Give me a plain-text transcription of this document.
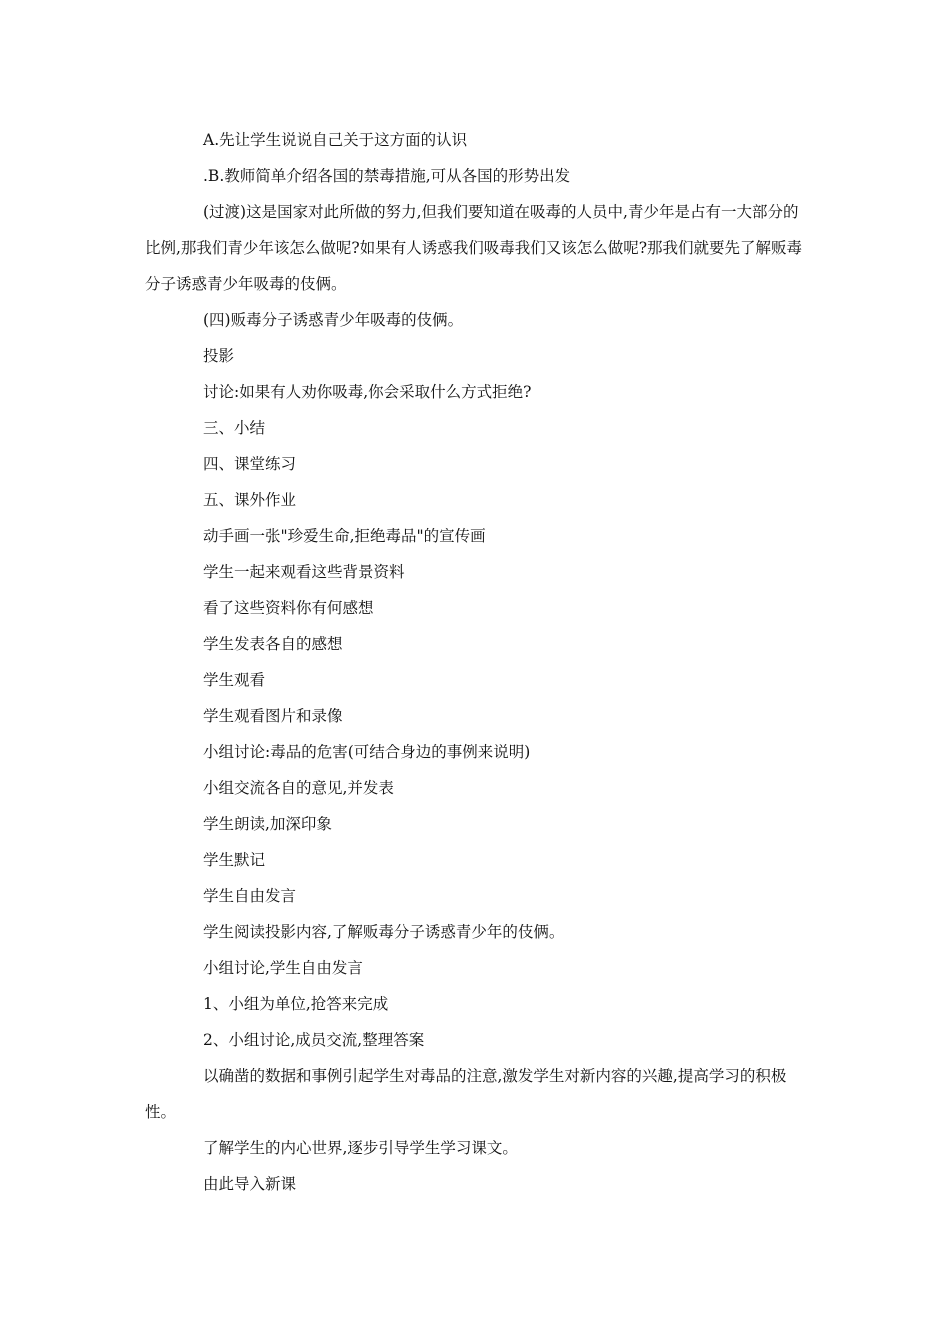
A.先让学生说说自己关于这方面的认识

.B.教师简单介绍各国的禁毒措施,可从各国的形势出发

(过渡)这是国家对此所做的努力,但我们要知道在吸毒的人员中,青少年是占有一大部分的比例,那我们青少年该怎么做呢?如果有人诱惑我们吸毒我们又该怎么做呢?那我们就要先了解贩毒分子诱惑青少年吸毒的伎俩。

(四)贩毒分子诱惑青少年吸毒的伎俩。

投影

讨论:如果有人劝你吸毒,你会采取什么方式拒绝?

三、小结

四、课堂练习

五、课外作业

动手画一张"珍爱生命,拒绝毒品"的宣传画

学生一起来观看这些背景资料

看了这些资料你有何感想

学生发表各自的感想

学生观看

学生观看图片和录像

小组讨论:毒品的危害(可结合身边的事例来说明)

小组交流各自的意见,并发表

学生朗读,加深印象

学生默记

学生自由发言

学生阅读投影内容,了解贩毒分子诱惑青少年的伎俩。

小组讨论,学生自由发言

1、小组为单位,抢答来完成

2、小组讨论,成员交流,整理答案

以确凿的数据和事例引起学生对毒品的注意,激发学生对新内容的兴趣,提高学习的积极性。

了解学生的内心世界,逐步引导学生学习课文。

由此导入新课
